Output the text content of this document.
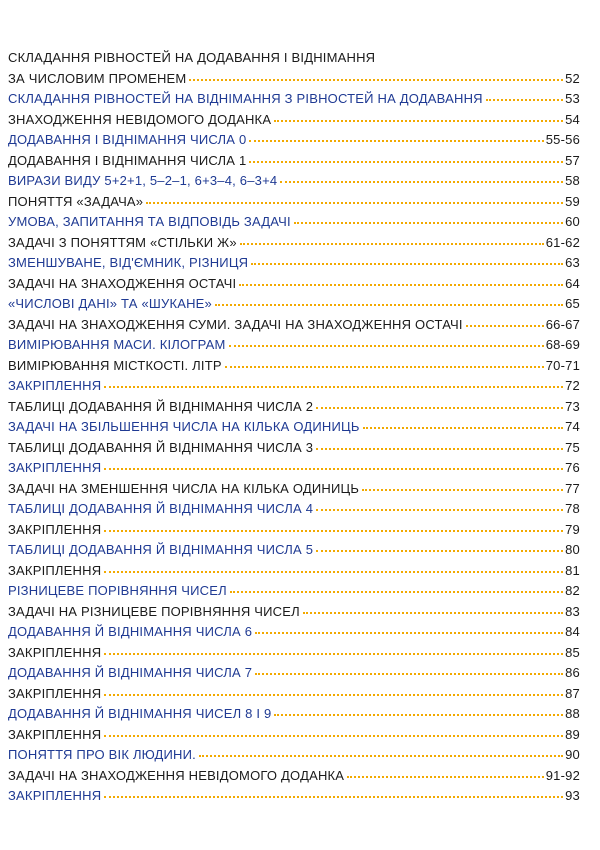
СКЛАДАННЯ РІВНОСТЕЙ НА ДОДАВАННЯ І ВІДНІМАННЯ
ЗА ЧИСЛОВИМ ПРОМЕНЕМ	52
СКЛАДАННЯ РІВНОСТЕЙ НА ВІДНІМАННЯ З РІВНОСТЕЙ НА ДОДАВАННЯ	53
ЗНАХОДЖЕННЯ НЕВІДОМОГО ДОДАНКА	54
ДОДАВАННЯ І ВІДНІМАННЯ ЧИСЛА 0	55-56
ДОДАВАННЯ І ВІДНІМАННЯ ЧИСЛА 1	57
ВИРАЗИ ВИДУ 5+2+1, 5–2–1, 6+3–4, 6–3+4	58
ПОНЯТТЯ «ЗАДАЧА»	59
УМОВА, ЗАПИТАННЯ ТА ВІДПОВІДЬ ЗАДАЧІ	60
ЗАДАЧІ З ПОНЯТТЯМ «СТІЛЬКИ Ж»	61-62
ЗМЕНШУВАНЕ, ВІД'ЄМНИК, РІЗНИЦЯ	63
ЗАДАЧІ НА ЗНАХОДЖЕННЯ ОСТАЧІ	64
«ЧИСЛОВІ ДАНІ» ТА «ШУКАНЕ»	65
ЗАДАЧІ НА ЗНАХОДЖЕННЯ СУМИ. ЗАДАЧІ НА ЗНАХОДЖЕННЯ ОСТАЧІ	66-67
ВИМІРЮВАННЯ МАСИ. КІЛОГРАМ	68-69
ВИМІРЮВАННЯ МІСТКОСТІ. ЛІТР	70-71
ЗАКРІПЛЕННЯ	72
ТАБЛИЦІ ДОДАВАННЯ Й ВІДНІМАННЯ ЧИСЛА 2	73
ЗАДАЧІ НА ЗБІЛЬШЕННЯ ЧИСЛА НА КІЛЬКА ОДИНИЦЬ	74
ТАБЛИЦІ ДОДАВАННЯ Й ВІДНІМАННЯ ЧИСЛА 3	75
ЗАКРІПЛЕННЯ	76
ЗАДАЧІ НА ЗМЕНШЕННЯ ЧИСЛА НА КІЛЬКА ОДИНИЦЬ	77
ТАБЛИЦІ ДОДАВАННЯ Й ВІДНІМАННЯ ЧИСЛА 4	78
ЗАКРІПЛЕННЯ	79
ТАБЛИЦІ ДОДАВАННЯ Й ВІДНІМАННЯ ЧИСЛА 5	80
ЗАКРІПЛЕННЯ	81
РІЗНИЦЕВЕ ПОРІВНЯННЯ ЧИСЕЛ	82
ЗАДАЧІ НА РІЗНИЦЕВЕ ПОРІВНЯННЯ ЧИСЕЛ	83
ДОДАВАННЯ Й ВІДНІМАННЯ ЧИСЛА 6	84
ЗАКРІПЛЕННЯ	85
ДОДАВАННЯ Й ВІДНІМАННЯ ЧИСЛА 7	86
ЗАКРІПЛЕННЯ	87
ДОДАВАННЯ Й ВІДНІМАННЯ ЧИСЕЛ 8 І 9	88
ЗАКРІПЛЕННЯ	89
ПОНЯТТЯ ПРО ВІК ЛЮДИНИ.	90
ЗАДАЧІ НА ЗНАХОДЖЕННЯ НЕВІДОМОГО ДОДАНКА	91-92
ЗАКРІПЛЕННЯ	93
